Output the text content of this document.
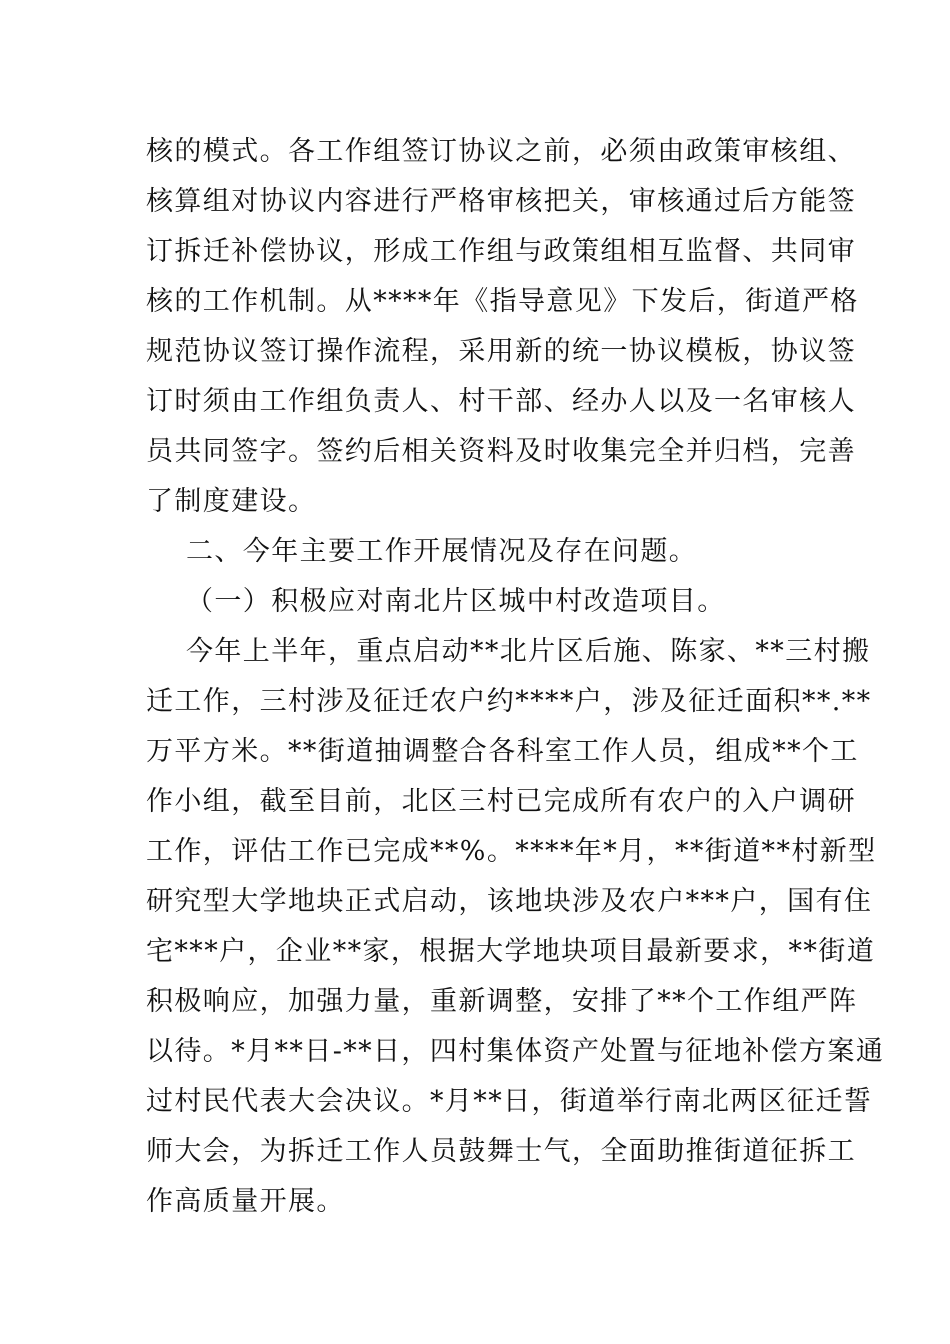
核的模式。各工作组签订协议之前，必须由政策审核组、
核算组对协议内容进行严格审核把关，审核通过后方能签
订拆迁补偿协议，形成工作组与政策组相互监督、共同审
核的工作机制。从****年《指导意见》下发后，街道严格
规范协议签订操作流程，采用新的统一协议模板，协议签
订时须由工作组负责人、村干部、经办人以及一名审核人
员共同签字。签约后相关资料及时收集完全并归档，完善
了制度建设。
二、今年主要工作开展情况及存在问题。
（一）积极应对南北片区城中村改造项目。
今年上半年，重点启动**北片区后施、陈家、**三村搬
迁工作，三村涉及征迁农户约****户，涉及征迁面积**.**
万平方米。**街道抽调整合各科室工作人员，组成**个工
作小组，截至目前，北区三村已完成所有农户的入户调研
工作，评估工作已完成**%。****年*月，**街道**村新型
研究型大学地块正式启动，该地块涉及农户***户，国有住
宅***户，企业**家，根据大学地块项目最新要求，**街道
积极响应，加强力量，重新调整，安排了**个工作组严阵
以待。*月**日-**日，四村集体资产处置与征地补偿方案通
过村民代表大会决议。*月**日，街道举行南北两区征迁誓
师大会，为拆迁工作人员鼓舞士气，全面助推街道征拆工
作高质量开展。
